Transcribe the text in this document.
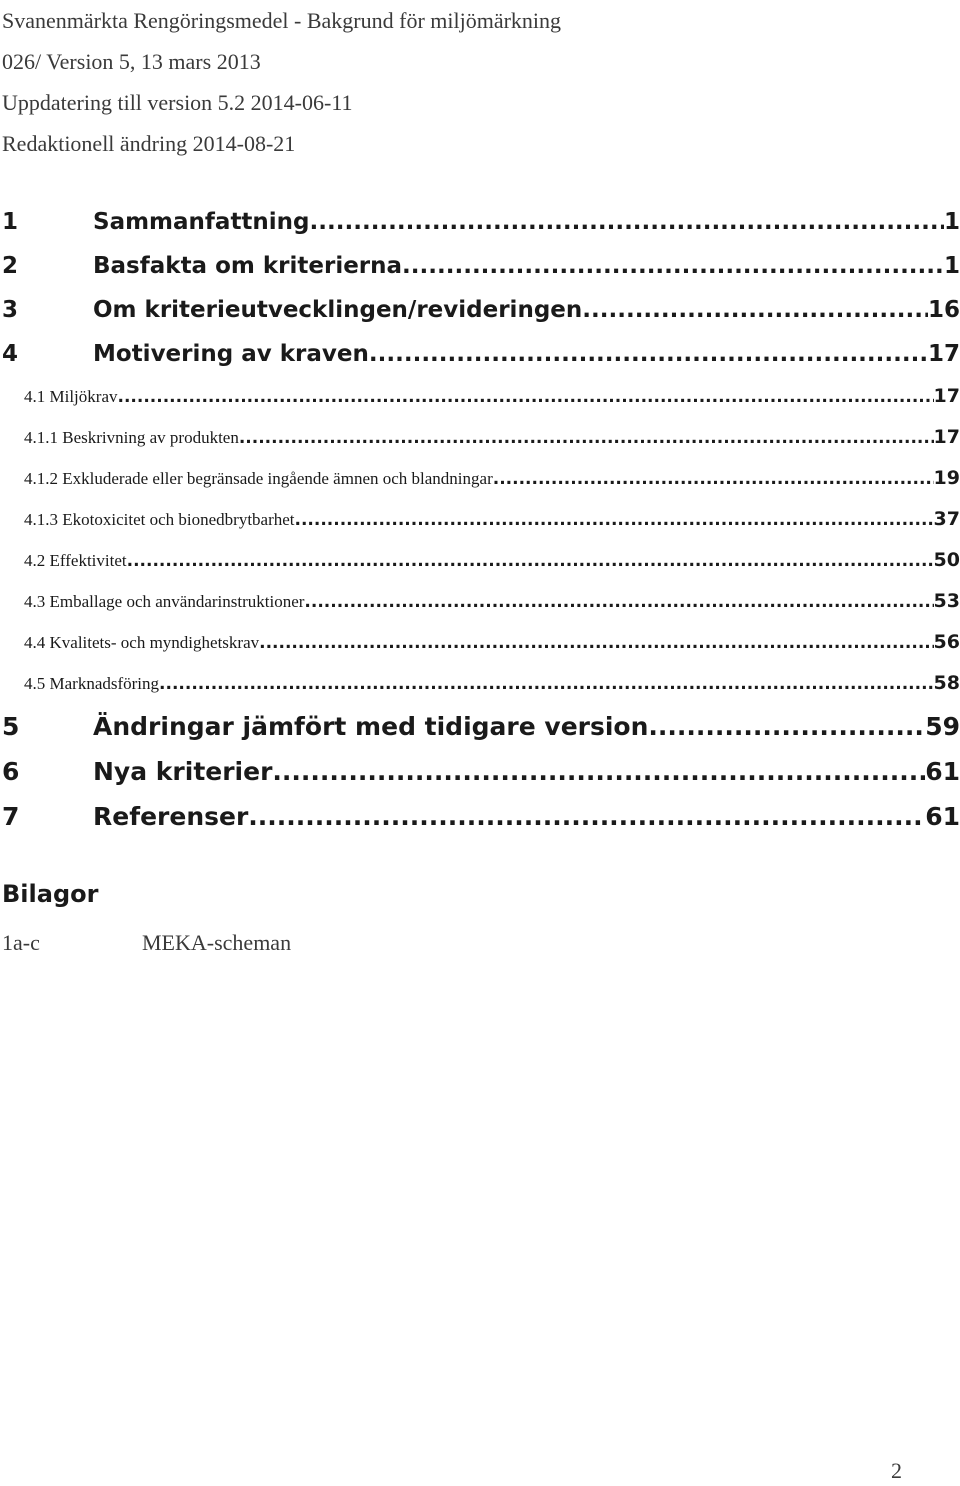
Svanenmärkta Rengöringsmedel - Bakgrund för miljömärkning
026/ Version 5, 13 mars 2013
Uppdatering till version 5.2 2014-06-11
Redaktionell ändring 2014-08-21
1	Sammanfattning .....	1
2	Basfakta om kriterierna .....	1
3	Om kriterieutvecklingen/revideringen .....	16
4	Motivering av kraven .....	17
4.1 Miljökrav .....	17
4.1.1 Beskrivning av produkten .....	17
4.1.2 Exkluderade eller begränsade ingående ämnen och blandningar .....	19
4.1.3 Ekotoxicitet och bionedbrytbarhet .....	37
4.2 Effektivitet .....	50
4.3 Emballage och användarinstruktioner .....	53
4.4 Kvalitets- och myndighetskrav .....	56
4.5 Marknadsföring .....	58
5	Ändringar jämfört med tidigare version .....	59
6	Nya kriterier .....	61
7	Referenser .....	61
Bilagor
1a-c	MEKA-scheman
2
